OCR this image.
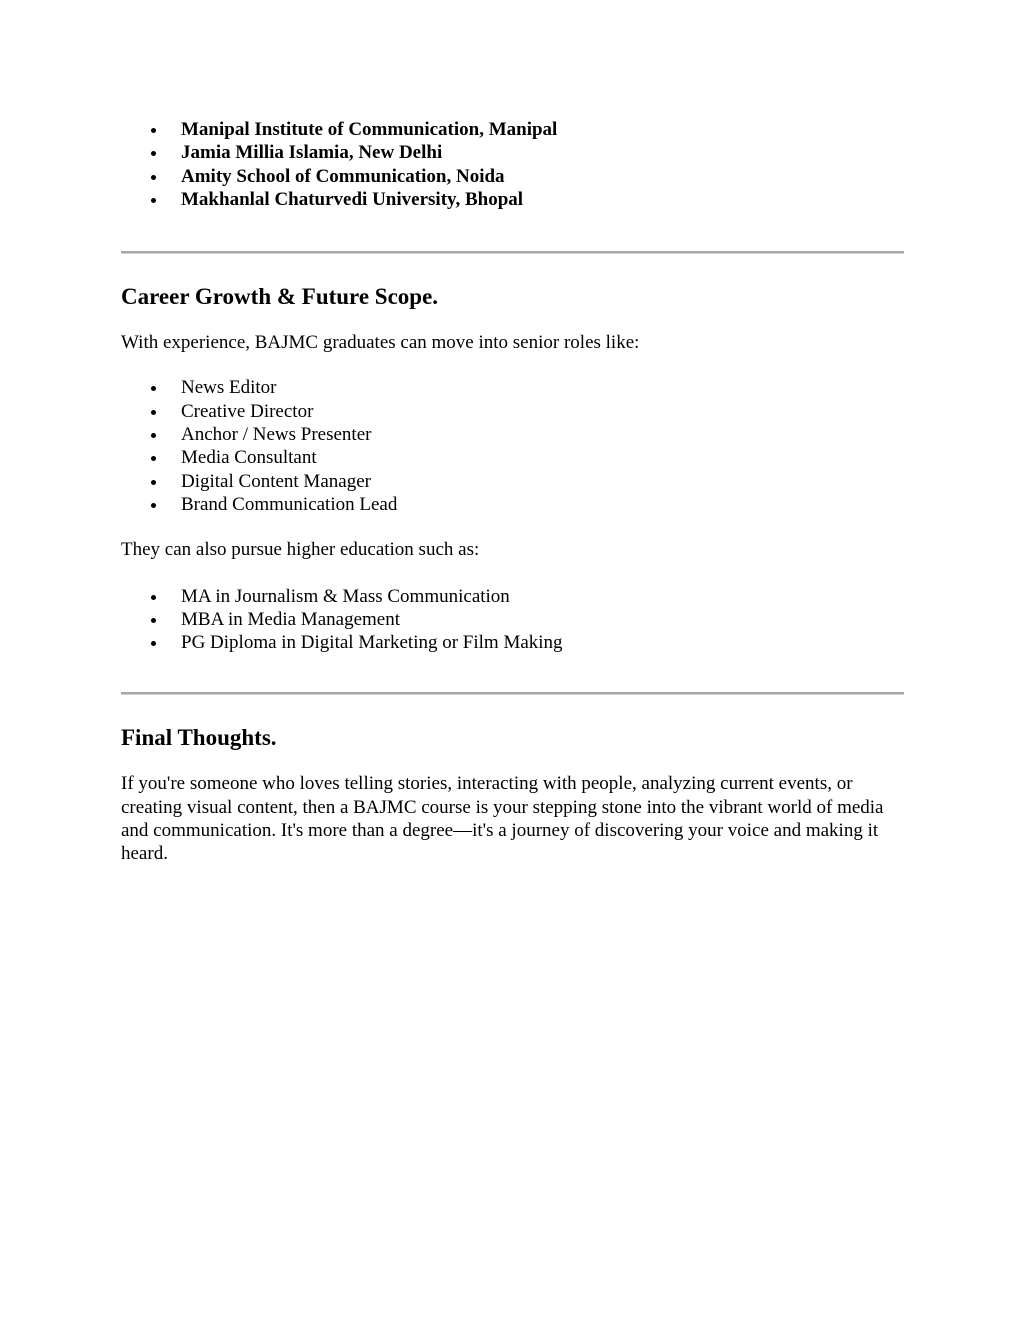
Manipal Institute of Communication, Manipal
Jamia Millia Islamia, New Delhi
Amity School of Communication, Noida
Makhanlal Chaturvedi University, Bhopal
Career Growth & Future Scope.

With experience, BAJMC graduates can move into senior roles like:

News Editor
Creative Director
Anchor / News Presenter
Media Consultant
Digital Content Manager
Brand Communication Lead

They can also pursue higher education such as:

MA in Journalism & Mass Communication
MBA in Media Management
PG Diploma in Digital Marketing or Film Making
Final Thoughts.

If you're someone who loves telling stories, interacting with people, analyzing current events, or creating visual content, then a BAJMC course is your stepping stone into the vibrant world of media and communication. It's more than a degree—it's a journey of discovering your voice and making it heard.
